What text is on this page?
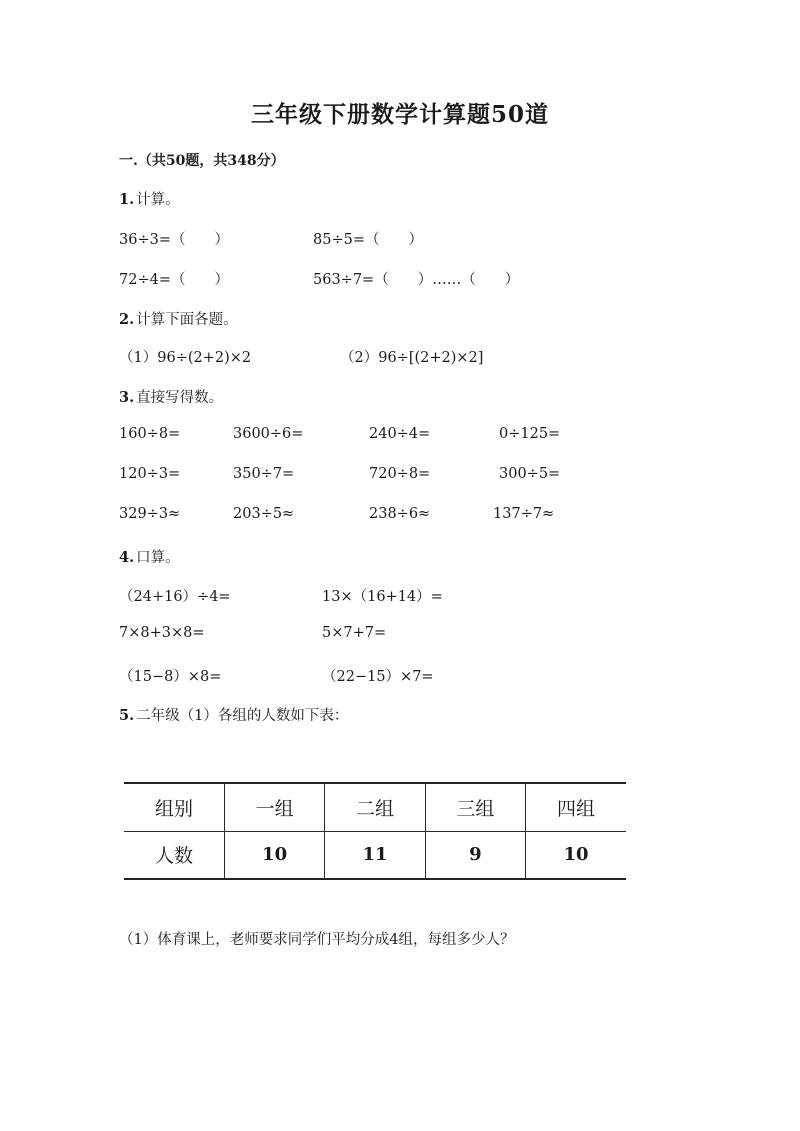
三年级下册数学计算题50道
一.（共50题，共348分）
1. 计算。
36÷3=（　　）	85÷5=（　　）
72÷4=（　　）	563÷7=（　　）……（　　）
2. 计算下面各题。
（1）96÷(2+2)×2	（2）96÷[(2+2)×2]
3. 直接写得数。
160÷8=	3600÷6=	240÷4=	0÷125=
120÷3=	350÷7=	720÷8=	300÷5=
329÷3≈	203÷5≈	238÷6≈	137÷7≈
4. 口算。
（24+16）÷4=	13×（16+14）=
7×8+3×8=	5×7+7=
（15−8）×8=	（22−15）×7=
5. 二年级（1）各组的人数如下表：
组别	一组	二组	三组	四组
人数	10	11	9	10
（1）体育课上，老师要求同学们平均分成4组，每组多少人？
